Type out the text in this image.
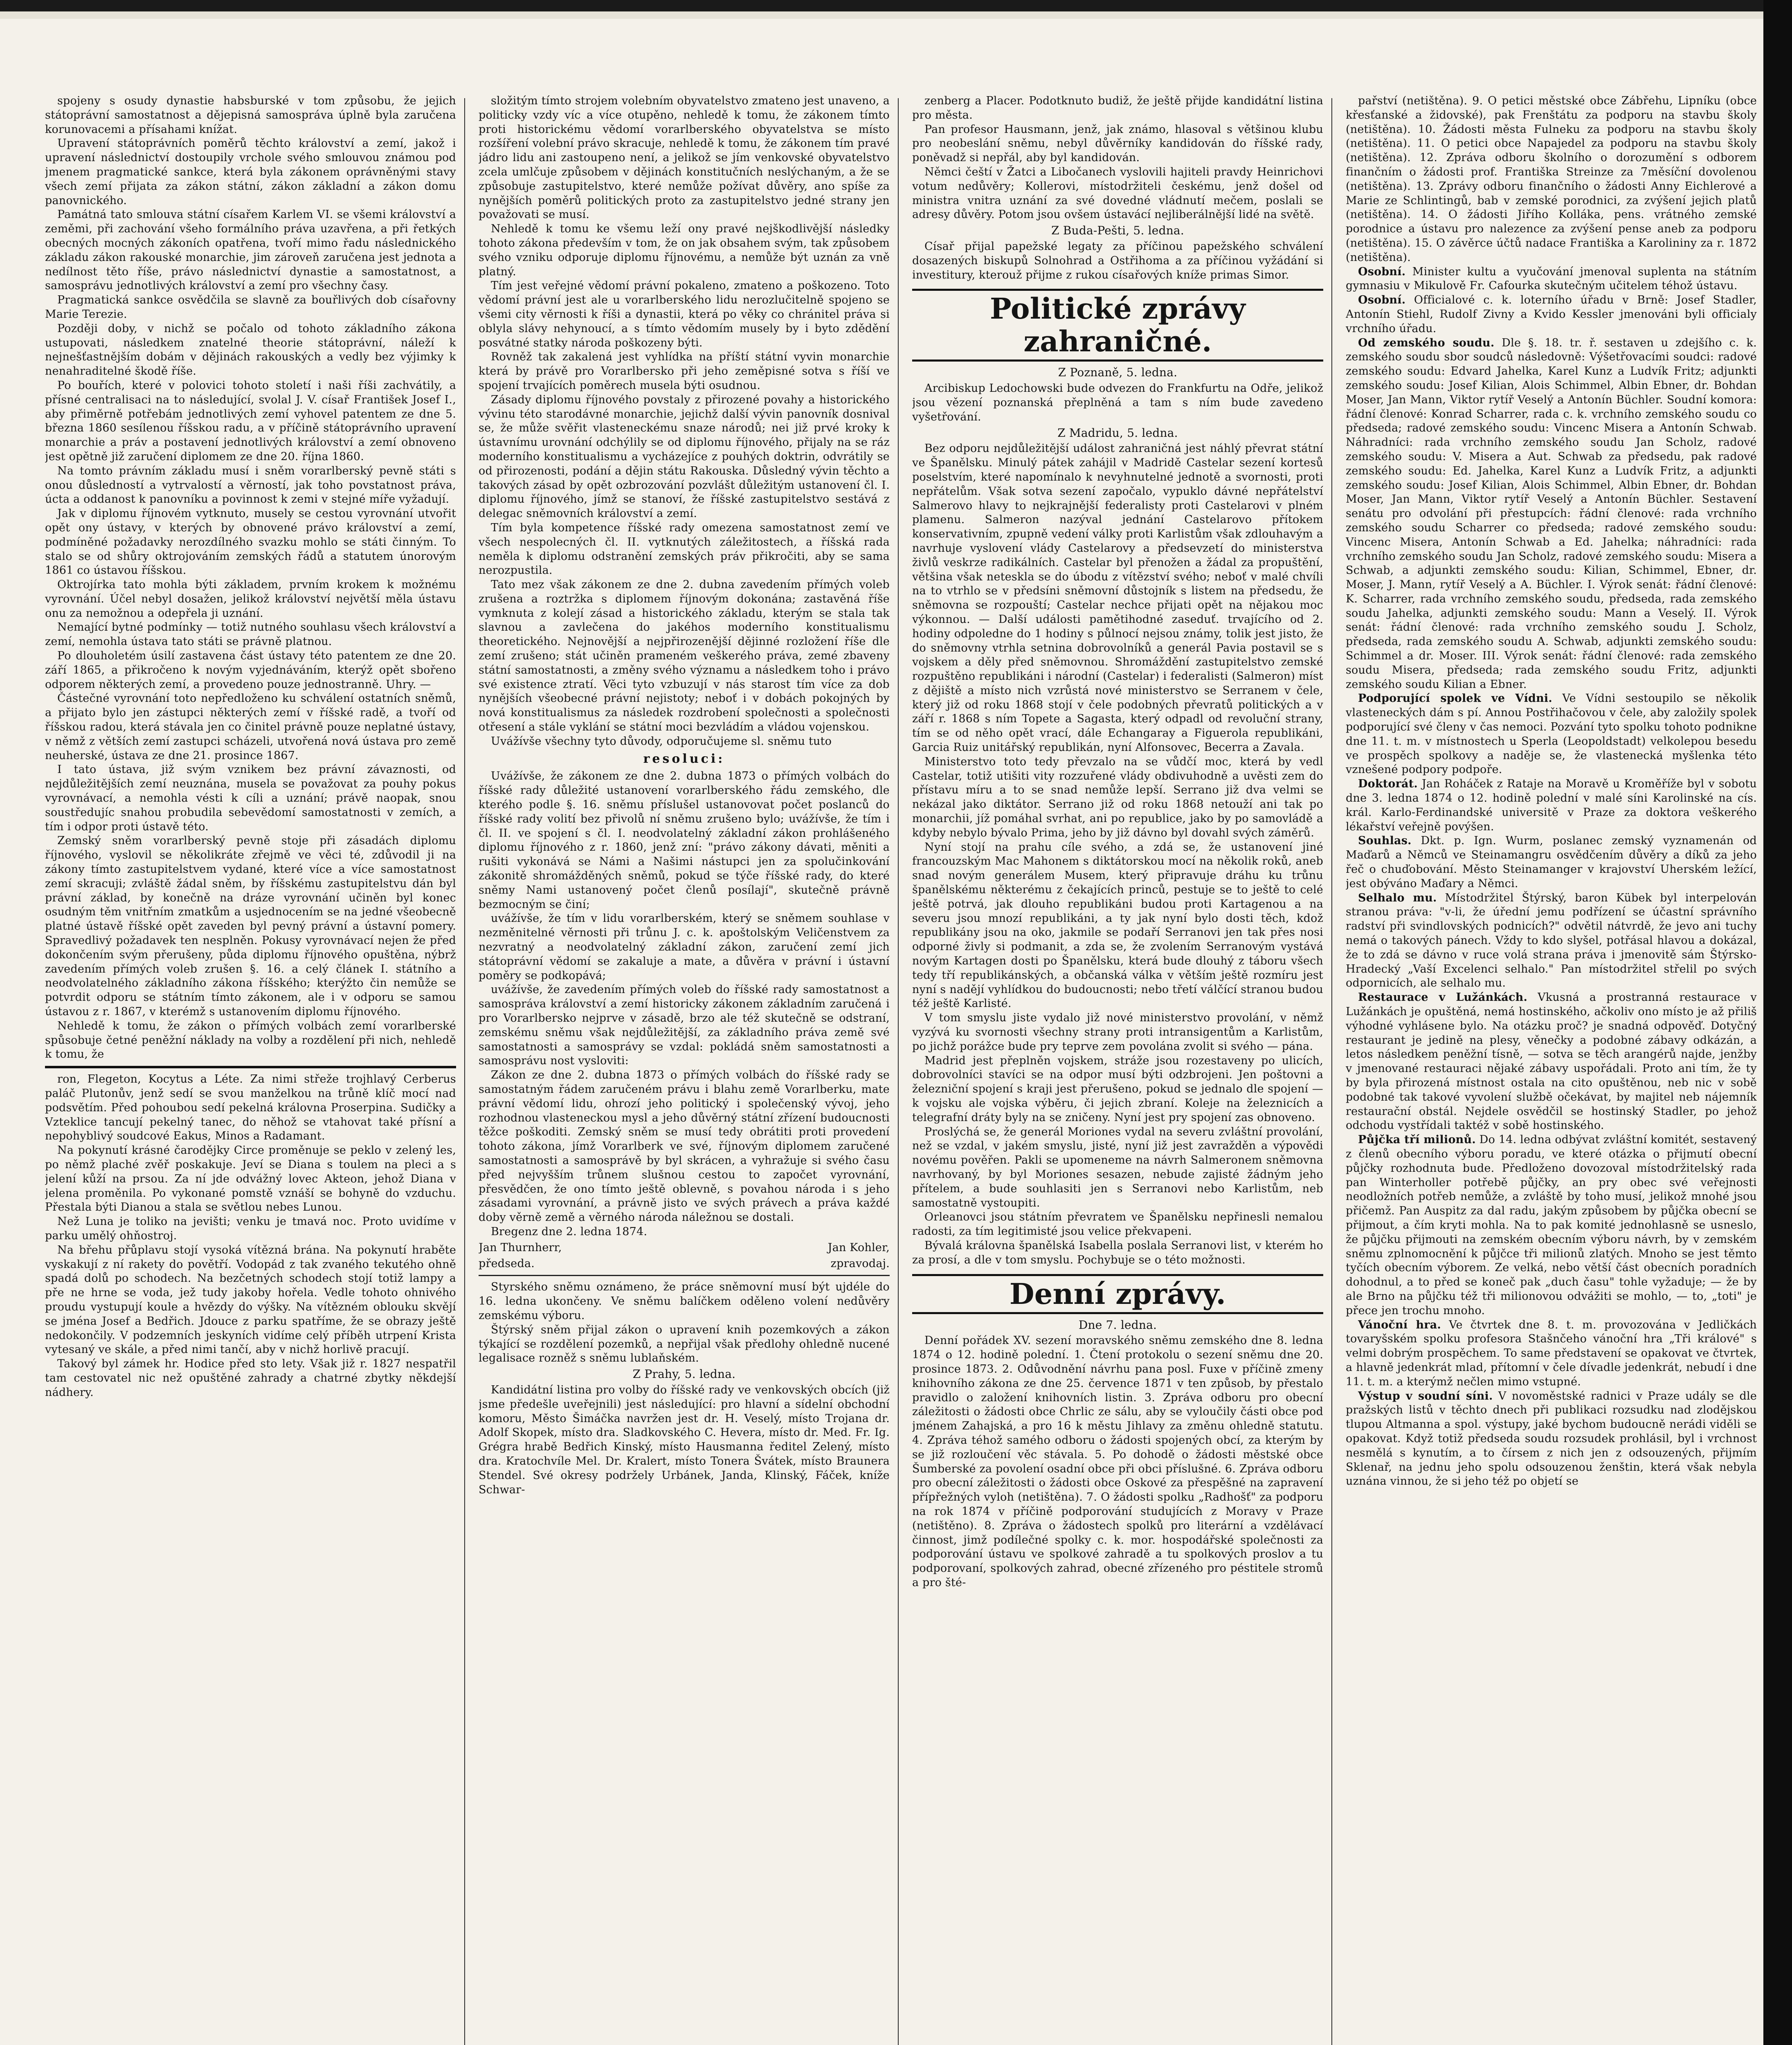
spojeny s osudy dynastie habsburské v tom způsobu, že jejich státoprávní samostatnost a dějepisná samospráva úplně byla zaručena korunovacemi a přísahami knížat.

Upravení státoprávních poměrů těchto království a zemí, jakož i upravení následnictví dostoupily vrchole svého smlouvou známou pod jmenem pragmatické sankce, která byla zákonem oprávněnými stavy všech zemí přijata za zákon státní, zákon základní a zákon domu panovnického.

Památná tato smlouva státní císařem Karlem VI. se všemi království a zeměmi, při zachování všeho formálního práva uzavřena, a při řetkých obecných mocných zákoních opatřena, tvoří mimo řadu následnického základu zákon rakouské monarchie, jim zároveň zaručena jest jednota a nedílnost těto říše, právo následnictví dynastie a samostatnost, a samosprávu jednotlivých království a zemí pro všechny časy.

Pragmatická sankce osvědčila se slavně za bouřlivých dob císařovny Marie Terezie.

Později doby, v nichž se počalo od tohoto základního zákona ustupovati, následkem znatelné theorie státoprávní, náleží k nejnešťastnějším dobám v dějinách rakouských a vedly bez výjimky k nenahraditelné škodě říše.

Po bouřích, které v polovici tohoto století i naši říši zachvátily, a přísné centralisaci na to následující, svolal J. V. císař František Josef I., aby přiměrně potřebám jednotlivých zemí vyhovel patentem ze dne 5. března 1860 sesílenou říšskou radu, a v příčině státoprávního upravení monarchie a práv a postavení jednotlivých království a zemí obnoveno jest opětně již zaručení diplomem ze dne 20. října 1860.

Na tomto právním základu musí i sněm vorarlberský pevně státi s onou důsledností a vytrvalostí a věrností, jak toho povstatnost práva, úcta a oddanost k panovníku a povinnost k zemi v stejné míře vyžadují.

Jak v diplomu říjnovém vytknuto, musely se cestou vyrovnání utvořit opět ony ústavy, v kterých by obnovené právo království a zemí, podmíněné požadavky nerozdílného svazku mohlo se státi činným. To stalo se od shůry oktrojováním zemských řádů a statutem únorovým 1861 co ústavou říšskou.

Oktrojírka tato mohla býti základem, prvním krokem k možnému vyrovnání. Účel nebyl dosažen, jelikož království největší měla ústavu onu za nemožnou a odepřela ji uznání.

Nemající bytné podmínky — totiž nutného souhlasu všech království a zemí, nemohla ústava tato státi se právně platnou.

Po dlouholetém úsilí zastavena část ústavy této patentem ze dne 20. září 1865, a přikročeno k novým vyjednáváním, kterýž opět sbořeno odporem některých zemí, a provedeno pouze jednostranně. Uhry. —

Částečné vyrovnání toto nepředloženo ku schválení ostatních sněmů, a přijato bylo jen zástupci některých zemí v říšské radě, a tvoří od říšskou radou, která stávala jen co činitel právně pouze neplatné ústavy, v němž z větších zemí zastupci scházeli, utvořená nová ústava pro země neuherské, ústava ze dne 21. prosince 1867.

I tato ústava, již svým vznikem bez právní závaznosti, od nejdůležitějších zemí neuznána, musela se považovat za pouhy pokus vyrovnávací, a nemohla vésti k cíli a uznání; právě naopak, snou soustředujíc snahou probudila sebevědomí samostatnosti v zemích, a tím i odpor proti ústavě této.

Zemský sněm vorarlberský pevně stoje při zásadách diplomu říjnového, vyslovil se několikráte zřejmě ve věci té, zdůvodil ji na zákony tímto zastupitelstvem vydané, které více a více samostatnost zemí skracuji; zvláště žádal sněm, by říšskému zastupitelstvu dán byl právní základ, by konečně na dráze vyrovnání učiněn byl konec osudným těm vnitřním zmatkům a usjednocením se na jedné všeobecně platné ústavě říšské opět zaveden byl pevný právní a ústavní pomery. Spravedlivý požadavek ten nesplněn. Pokusy vyrovnávací nejen že před dokončením svým přerušeny, půda diplomu říjnového opuštěna, nýbrž zavedením přímých voleb zrušen §. 16. a celý článek I. státního a neodvolatelného základního zákona říšského; kterýžto čin nemůže se potvrdit odporu se státním tímto zákonem, ale i v odporu se samou ústavou z r. 1867, v kterémž s ustanovením diplomu říjnového.

Nehledě k tomu, že zákon o přímých volbách zemí vorarlberské spůsobuje četné peněžní náklady na volby a rozdělení při nich, nehledě k tomu, že

ron, Flegeton, Kocytus a Léte. Za nimi střeže trojhlavý Cerberus paláč Plutonův, jenž sedí se svou manželkou na trůně klíč mocí nad podsvětím. Před pohoubou sedí pekelná královna Proserpina. Sudičky a Vzteklice tancují pekelný tanec, do něhož se vtahovat také přísní a nepohyblivý soudcové Eakus, Minos a Radamant.

Na pokynutí krásné čarodějky Circe proměnuje se peklo v zelený les, po němž plaché zvěř poskakuje. Jeví se Diana s toulem na pleci a s jelení kůží na prsou. Za ní jde odvážný lovec Akteon, jehož Diana v jelena proměnila. Po vykonané pomstě vznáší se bohyně do vzduchu. Přestala býti Dianou a stala se světlou nebes Lunou.

Než Luna je toliko na jevišti; venku je tmavá noc. Proto uvidíme v parku umělý ohňostroj.

Na břehu přůplavu stojí vysoká vítězná brána. Na pokynutí hraběte vyskakují z ní rakety do povětří. Vodopád z tak zvaného tekutého ohně spadá dolů po schodech. Na bezčetných schodech stojí totiž lampy a pře ne hrne se voda, jež tudy jakoby hořela. Vedle tohoto ohnivého proudu vystupují koule a hvězdy do výšky. Na vítězném oblouku skvějí se jména Josef a Bedřich. Jdouce z parku spatříme, že se obrazy ještě nedokončily. V podzemních jeskyních vidíme celý příběh utrpení Krista vytesaný ve skále, a před nimi tančí, aby v nichž horlivě pracují.

Takový byl zámek hr. Hodice před sto lety. Však již r. 1827 nespatřil tam cestovatel nic než opuštěné zahrady a chatrné zbytky někdejší nádhery.

složitým tímto strojem volebním obyvatelstvo zmateno jest unaveno, a politicky vzdy víc a více otupěno, nehledě k tomu, že zákonem tímto proti historickému vědomí vorarlberského obyvatelstva se místo rozšíření volební právo skracuje, nehledě k tomu, že zákonem tím pravé jádro lidu ani zastoupeno není, a jelikož se jím venkovské obyvatelstvo zcela umlčuje způsobem v dějinách konstitučních neslýchaným, a že se způsobuje zastupitelstvo, které nemůže požívat důvěry, ano spíše za nynějších poměrů politických proto za zastupitelstvo jedné strany jen považovati se musí.

Nehledě k tomu ke všemu leží ony pravé nejškodlivější následky tohoto zákona především v tom, že on jak obsahem svým, tak způsobem svého vzniku odporuje diplomu říjnovému, a nemůže být uznán za vně platný.

Tím jest veřejné vědomí právní pokaleno, zmateno a poškozeno. Toto vědomí právní jest ale u vorarlberského lidu nerozlučitelně spojeno se všemi city věrnosti k říši a dynastii, která po věky co chránitel práva si oblyla slávy nehynoucí, a s tímto vědomím musely by i byto zdědění posvátné statky národa poškozeny býti.

Rovněž tak zakalená jest vyhlídka na příští státní vyvin monarchie která by právě pro Vorarlbersko při jeho zeměpisné sotva s říší ve spojení trvajících poměrech musela býti osudnou.

Zásady diplomu říjnového povstaly z přirozené povahy a historického vývinu této starodávné monarchie, jejichž další vývin panovník dosnival se, že může svěřit vlasteneckému snaze národů; nei již prvé kroky k ústavnímu urovnání odchýlily se od diplomu říjnového, přijaly na se ráz moderního konstitualismu a vycházejíce z pouhých doktrin, odvrátily se od přirozenosti, podání a dějin státu Rakouska. Důsledný vývin těchto a takových zásad by opět ozbrozování pozvlášt důležitým ustanovení čl. I. diplomu říjnového, jímž se stanoví, že říšské zastupitelstvo sestává z delegac sněmovních království a zemí.

Tím byla kompetence říšské rady omezena samostatnost zemí ve všech nespolecných čl. II. vytknutých záležitostech, a říšská rada neměla k diplomu odstranění zemských práv přikročiti, aby se sama nerozpustila.

Tato mez však zákonem ze dne 2. dubna zavedením přímých voleb zrušena a roztržka s diplomem říjnovým dokonána; zastavěná říše vymknuta z kolejí zásad a historického základu, kterým se stala tak slavnou a zavlečena do jakéhos moderního konstitualismu theoretického. Nejnovější a nejpřirozenější dějinné rozložení říše dle zemí zrušeno; stát učiněn prameném veškerého práva, zemé zbaveny státní samostatnosti, a změny svého významu a následkem toho i právo své existence ztratí. Věci tyto vzbuzují v nás starost tím více za dob nynějších všeobecné právní nejistoty; neboť i v dobách pokojných by nová konstitualismus za následek rozdrobení společnosti a společnosti otřesení a stále vyklání se státní moci bezvládím a vládou vojenskou.

Uvážívše všechny tyto důvody, odporučujeme sl. sněmu tuto

resoluci:

Uvážívše, že zákonem ze dne 2. dubna 1873 o přímých volbách do říšské rady důležité ustanovení vorarlberského řádu zemského, dle kterého podle §. 16. sněmu příslušel ustanovovat počet poslanců do říšské rady volití bez přivolů ní sněmu zrušeno bylo; uvážívše, že tím i čl. II. ve spojení s čl. I. neodvolatelný základní zákon prohlášeného diplomu říjnového z r. 1860, jenž zní: "právo zákony dávati, měniti a rušiti vykonává se Námi a Našimi nástupci jen za spolučinkování zákonitě shromážděných sněmů, pokud se týče říšské rady, do které sněmy Nami ustanovený počet členů posílají", skutečně právně bezmocným se činí;

uvážívše, že tím v lidu vorarlberském, který se sněmem souhlase v nezměnitelné věrnosti při trůnu J. c. k. apoštolským Veličenstvem za nezvratný a neodvolatelný základní zákon, zaručení zemí jich státoprávní vědomí se zakaluje a mate, a důvěra v právní i ústavní poměry se podkopává;

uvážívše, že zavedením přímých voleb do říšské rady samostatnost a samospráva království a zemí historicky zákonem základním zaručená i pro Vorarlbersko nejprve v zásadě, brzo ale též skutečně se odstraní, zemskému sněmu však nejdůležitější, za základního práva země své samostatnosti a samosprávy se vzdal: pokládá sněm samostatnosti a samosprávu nost vysloviti:

Zákon ze dne 2. dubna 1873 o přímých volbách do říšské rady se samostatným řádem zaručeném právu i blahu země Vorarlberku, mate právní vědomí lidu, ohrozí jeho politický i společenský vývoj, jeho rozhodnou vlasteneckou mysl a jeho důvěrný státní zřízení budoucnosti těžce poškoditi. Zemský sněm se musí tedy obrátiti proti provedení tohoto zákona, jímž Vorarlberk ve své, říjnovým diplomem zaručené samostatnosti a samosprávě by byl skrácen, a vyhražuje si svého času před nejvyšším trůnem slušnou cestou to započet vyrovnání, přesvědčen, že ono tímto ještě oblevně, s povahou národa i s jeho zásadami vyrovnání, a právně jisto ve svých právech a práva každé doby věrně země a věrného národa náležnou se dostali.

Bregenz dne 2. ledna 1874.

Jan Thurnherr,	Jan Kohler,
předseda.	zpravodaj.

Styrského sněmu oznámeno, že práce sněmovní musí být ujdéle do 16. ledna ukončeny. Ve sněmu balíčkem oděleno volení nedůvěry zemskému výboru.

Štýrský sněm přijal zákon o upravení knih pozemkových a zákon týkající se rozdělení pozemků, a nepřijal však předlohy ohledně nucené legalisace rozněž s sněmu lublaňském.

Z Prahy, 5. ledna.

Kandidátní listina pro volby do říšské rady ve venkovských obcích (již jsme předešle uveřejnili) jest následující: pro hlavní a sídelní obchodní komoru, Město Šimáčka navržen jest dr. H. Veselý, místo Trojana dr. Adolf Skopek, místo dra. Sladkovského C. Hevera, místo dr. Med. Fr. Ig. Grégra hrabě Bedřich Kinský, místo Hausmanna ředitel Zelený, místo dra. Kratochvíle Mel. Dr. Kralert, místo Tonera Švátek, místo Braunera Stendel. Své okresy podržely Urbánek, Janda, Klinský, Fáček, kníže Schwar-

zenberg a Placer. Podotknuto budiž, že ještě přijde kandidátní listina pro města.

Pan profesor Hausmann, jenž, jak známo, hlasoval s většinou klubu pro neobeslání sněmu, nebyl důvěrníky kandidován do říšské rady, poněvadž si nepřál, aby byl kandidován.

Němci čeští v Žatci a Libočanech vyslovili hajiteli pravdy Heinrichovi votum nedůvěry; Kollerovi, místodržiteli českému, jenž došel od ministra vnitra uznání za své dovedné vládnutí mečem, poslali se adresy důvěry. Potom jsou ovšem ústavácí nejliberálnější lidé na světě.

Z Buda-Pešti, 5. ledna.

Císař přijal papežské legaty za příčinou papežského schválení dosazených biskupů Solnohrad a Ostřihoma a za příčinou vyžádání si investitury, kterouž přijme z rukou císařových kníže primas Simor.

Politické zprávy zahraničné.
Z Poznaně, 5. ledna.

Arcibiskup Ledochowski bude odvezen do Frankfurtu na Odře, jelikož jsou vězení poznanská přeplněná a tam s ním bude zavedeno vyšetřování.

Z Madridu, 5. ledna.

Bez odporu nejdůležitější událost zahraničná jest náhlý převrat státní ve Španělsku. Minulý pátek zahájil v Madridě Castelar sezení kortesů poselstvím, které napomínalo k nevyhnutelné jednotě a svornosti, proti nepřátelům. Však sotva sezení započalo, vypuklo dávné nepřátelství Salmerovo hlavy to nejkrajnější federalisty proti Castelarovi v plném plamenu. Salmeron nazýval jednání Castelarovo přítokem konservativním, zpupně vedení války proti Karlistům však zdlouhavým a navrhuje vyslovení vlády Castelarovy a předsevzetí do ministerstva živlů veskrze radikálních. Castelar byl přenožen a žádal za propuštění, většina však neteskla se do úbodu z vítězství svého; neboť v malé chvíli na to vtrhlo se v předsíni sněmovní důstojník s listem na předsedu, že sněmovna se rozpouští; Castelar nechce přijati opět na nějakou moc výkonnou. — Další události pamětihodné zaseduť. trvajícího od 2. hodiny odpoledne do 1 hodiny s půlnocí nejsou známy, tolik jest jisto, že do sněmovny vtrhla setnina dobrovolníků a generál Pavia postavil se s vojskem a děly před sněmovnou. Shromáždění zastupitelstvo zemské rozpuštěno republikáni i národní (Castelar) i federalisti (Salmeron) míst z dějiště a místo nich vzrůstá nové ministerstvo se Serranem v čele, který již od roku 1868 stojí v čele podobných převratů politických a v září r. 1868 s ním Topete a Sagasta, který odpadl od revoluční strany, tím se od něho opět vrací, dále Echangaray a Figuerola republikáni, Garcia Ruiz unitářský republikán, nyní Alfonsovec, Becerra a Zavala.

Ministerstvo toto tedy převzalo na se vůdčí moc, která by vedl Castelar, totiž utišiti vity rozzuřené vlády obdivuhodně a uvěsti zem do přístavu míru a to se snad nemůže lepší. Serrano již dva velmi se nekázal jako diktátor. Serrano již od roku 1868 netouží ani tak po monarchii, jíž pomáhal svrhat, ani po republice, jako by po samovládě a kdyby nebylo bývalo Prima, jeho by již dávno byl dovahl svých záměrů.

Nyní stojí na prahu cíle svého, a zdá se, že ustanovení jiné francouzským Mac Mahonem s diktátorskou mocí na několik roků, aneb snad novým generálem Musem, který připravuje dráhu ku trůnu španělskému některému z čekajících princů, pestuje se to ještě to celé ještě potrvá, jak dlouho republikáni budou proti Kartagenou a na severu jsou mnozí republikáni, a ty jak nyní bylo dosti těch, kdož republikány jsou na oko, jakmile se podaří Serranovi jen tak přes nosi odporné živly si podmanit, a zda se, že zvolením Serranovým vystává novým Kartagen dosti po Španělsku, která bude dlouhý z táboru všech tedy tří republikánských, a občanská válka v větším ještě rozmíru jest nyní s nadějí vyhlídkou do budoucnosti; nebo třetí válčící stranou budou též ještě Karlisté.

V tom smyslu jiste vydalo již nové ministerstvo provolání, v němž vyzývá ku svornosti všechny strany proti intransigentům a Karlistům, po jichž porážce bude pry teprve zem povolána zvolit si svého — pána.

Madrid jest přeplněn vojskem, stráže jsou rozestaveny po ulicích, dobrovolníci stavíci se na odpor musí býti odzbrojeni. Jen poštovni a železniční spojení s kraji jest přerušeno, pokud se jednalo dle spojení — k vojsku ale vojska výběru, či jejich zbraní. Koleje na železnicích a telegrafní dráty byly na se zničeny. Nyní jest pry spojení zas obnoveno.

Proslýchá se, že generál Moriones vydal na severu zvláštní provolání, než se vzdal, v jakém smyslu, jisté, nyní již jest zavražděn a výpovědi novému pověřen. Pakli se upomeneme na návrh Salmeronem sněmovna navrhovaný, by byl Moriones sesazen, nebude zajisté žádným jeho přítelem, a bude souhlasiti jen s Serranovi nebo Karlistům, neb samostatně vystoupiti.

Orleanovci jsou státním převratem ve Španělsku nepřinesli nemalou radosti, za tím legitimisté jsou velice překvapeni.

Bývalá královna španělská Isabella poslala Serranovi list, v kterém ho za prosí, a dle v tom smyslu. Pochybuje se o této možnosti.

Denní zprávy.
Dne 7. ledna.

Denní pořádek XV. sezení moravského sněmu zemského dne 8. ledna 1874 o 12. hodině polední. 1. Čtení protokolu o sezení sněmu dne 20. prosince 1873. 2. Odůvodnění návrhu pana posl. Fuxe v příčině zmeny knihovního zákona ze dne 25. července 1871 v ten způsob, by přestalo pravidlo o založení knihovních listin. 3. Zpráva odboru pro obecní záležitosti o žádosti obce Chrlic ze sálu, aby se vyloučily části obce pod jménem Zahajská, a pro 16 k městu Jihlavy za změnu ohledně statutu. 4. Zpráva téhož samého odboru o žádosti spojených obcí, za kterým by se již rozloučení věc stávala. 5. Po dohodě o žádosti městské obce Šumberské za povolení osadní obce při obci příslušné. 6. Zpráva odboru pro obecní záležitosti o žádosti obce Oskové za přespěšné na zapravení přípřežných vyloh (netištěna). 7. O žádosti spolku „Radhošť" za podporu na rok 1874 v příčině podporování studujících z Moravy v Praze (netištěno). 8. Zpráva o žádostech spolků pro literární a vzdělávací činnost, jimž podílečné spolky c. k. mor. hospodářské společnosti za podporování ústavu ve spolkové zahradě a tu spolkových proslov a tu podporovaní, spolkových zahrad, obecné zřízeného pro péstitele stromů a pro šté-

pařství (netištěna). 9. O petici městské obce Zábřehu, Lipníku (obce křesťanské a židovské), pak Frenštátu za podporu na stavbu školy (netištěna). 10. Žádosti města Fulneku za podporu na stavbu školy (netištěna). 11. O petici obce Napajedel za podporu na stavbu školy (netištěna). 12. Zpráva odboru školního o dorozumění s odborem finančním o žádosti prof. Františka Streinze za 7měsíční dovolenou (netištěna). 13. Zprávy odboru finančního o žádosti Anny Eichlerové a Marie ze Schlintingů, bab v zemské porodnici, za zvýšení jejich platů (netištěna). 14. O žádosti Jiřího Kolláka, pens. vrátného zemské porodnice a ústavu pro nalezence za zvýšení pense aneb za podporu (netištěna). 15. O závěrce účtů nadace Františka a Karolininy za r. 1872 (netištěna).

Osobní. Minister kultu a vyučování jmenoval suplenta na státním gymnasiu v Mikulově Fr. Cafourka skutečným učitelem téhož ústavu.

Osobní. Officialové c. k. loterního úřadu v Brně: Josef Stadler, Antonín Stiehl, Rudolf Zivny a Kvido Kessler jmenováni byli officialy vrchního úřadu.

Od zemského soudu. Dle §. 18. tr. ř. sestaven u zdejšího c. k. zemského soudu sbor soudců následovně: Výšetřovacími soudci: radové zemského soudu: Edvard Jahelka, Karel Kunz a Ludvík Fritz; adjunkti zemského soudu: Josef Kilian, Alois Schimmel, Albin Ebner, dr. Bohdan Moser, Jan Mann, Viktor rytíř Veselý a Antonín Büchler. Soudní komora: řádní členové: Konrad Scharrer, rada c. k. vrchního zemského soudu co předseda; radové zemského soudu: Vincenc Misera a Antonín Schwab. Náhradníci: rada vrchního zemského soudu Jan Scholz, radové zemského soudu: V. Misera a Aut. Schwab za předsedu, pak radové zemského soudu: Ed. Jahelka, Karel Kunz a Ludvík Fritz, a adjunkti zemského soudu: Josef Kilian, Alois Schimmel, Albin Ebner, dr. Bohdan Moser, Jan Mann, Viktor rytíř Veselý a Antonín Büchler. Sestavení senátu pro odvolání při přestupcích: řádní členové: rada vrchního zemského soudu Scharrer co předseda; radové zemského soudu: Vincenc Misera, Antonín Schwab a Ed. Jahelka; náhradníci: rada vrchního zemského soudu Jan Scholz, radové zemského soudu: Misera a Schwab, a adjunkti zemského soudu: Kilian, Schimmel, Ebner, dr. Moser, J. Mann, rytíř Veselý a A. Büchler. I. Výrok senát: řádní členové: K. Scharrer, rada vrchního zemského soudu, předseda, rada zemského soudu Jahelka, adjunkti zemského soudu: Mann a Veselý. II. Výrok senát: řádní členové: rada vrchního zemského soudu J. Scholz, předseda, rada zemského soudu A. Schwab, adjunkti zemského soudu: Schimmel a dr. Moser. III. Výrok senát: řádní členové: rada zemského soudu Misera, předseda; rada zemského soudu Fritz, adjunkti zemského soudu Kilian a Ebner.

Podporující spolek ve Vídni. Ve Vídni sestoupilo se několik vlasteneckých dám s pí. Annou Postřihačovou v čele, aby založily spolek podporující své členy v čas nemoci. Pozvání tyto spolku tohoto podnikne dne 11. t. m. v místnostech u Sperla (Leopoldstadt) velkolepou besedu ve prospěch spolkovy a naděje se, že vlastenecká myšlenka této vznešené podpory podpoře.

Doktorát. Jan Roháček z Rataje na Moravě u Kroměříže byl v sobotu dne 3. ledna 1874 o 12. hodině polední v malé síni Karolinské na cís. král. Karlo-Ferdinandské universitě v Praze za doktora veškerého lékařství veřejně povýšen.

Souhlas. Dkt. p. Ign. Wurm, poslanec zemský vyznamenán od Maďarů a Němců ve Steinamangru osvědčením důvěry a díků za jeho řeč o chuďobování. Město Steinamanger v krajovství Uherském ležící, jest obýváno Maďary a Němci.

Selhalo mu. Místodržitel Štýrský, baron Kübek byl interpelován stranou práva: "v-li, že úřední jemu podřízení se účastní správního radství při svindlovských podnicích?" odvětil nátvrdě, že jevo ani tuchy nemá o takových pánech. Vždy to kdo slyšel, potřásal hlavou a dokázal, že to zdá se dávno v ruce volá strana práva i jmenovitě sám Štýrsko-Hradecký „Vaší Excelenci selhalo." Pan místodržitel střelil po svých odpornicích, ale selhalo mu.

Restaurace v Lužánkách. Vkusná a prostranná restaurace v Lužánkách je opuštěná, nemá hostinského, ačkoliv ono místo je až přiliš výhodné vyhlásene bylo. Na otázku proč? je snadná odpověď. Dotyčný restaurant je jedině na plesy, věnečky a podobné zábavy odkázán, a letos následkem peněžní tísně, — sotva se těch arangérů najde, jenžby v jmenované restauraci nějaké zábavy uspořádali. Proto ani tím, že ty by byla přirozená místnost ostala na cito opuštěnou, neb nic v sobě podobné tak takové vyvolení službě očekávat, by majitel neb nájemník restaurační obstál. Nejdele osvědčil se hostinský Stadler, po jehož odchodu vystřídali taktéž v sobě hostinského.

Půjčka tří milionů. Do 14. ledna odbývat zvláštní komitét, sestavený z členů obecního výboru poradu, ve které otázka o přijmutí obecní půjčky rozhodnuta bude. Předloženo dovozoval místodržitelský rada pan Winterholler potřebě půjčky, an pry obec své veřejnosti neodložních potřeb nemůže, a zvláště by toho musí, jelikož mnohé jsou přičemž. Pan Auspitz za dal radu, jakým způsobem by půjčka obecní se přijmout, a čím kryti mohla. Na to pak komité jednohlasně se usneslo, že půjčku přijmouti na zemském obecním výboru návrh, by v zemském sněmu zplnomocnění k půjčce tři milionů zlatých. Mnoho se jest těmto tyčích obecním výborem. Ze velká, nebo větší část obecních poradních dohodnul, a to před se koneč pak „duch času" tohle vyžaduje; — že by ale Brno na půjčku též tři milionovou odvážiti se mohlo, — to, „toti" je přece jen trochu mnoho.

Vánoční hra. Ve čtvrtek dne 8. t. m. provozována v Jedličkách tovaryšském spolku profesora Stašnčeho vánoční hra „Tři králové" s velmi dobrým prospěchem. To same představení se opakovat ve čtvrtek, a hlavně jedenkrát mlad, přítomní v čele dívadle jedenkrát, nebudí i dne 11. t. m. a kterýmž nečlen mimo vstupné.

Výstup v soudní síni. V novoměstské radnici v Praze udály se dle pražských listů v těchto dnech při publikaci rozsudku nad zlodějskou tlupou Altmanna a spol. výstupy, jaké bychom budoucně nerádi viděli se opakovat. Když totiž předseda soudu rozsudek prohlásil, byl i vrchnost nesmělá s kynutím, a to čírsem z nich jen z odsouzených, přijmím Sklenař, na jednu jeho spolu odsouzenou ženštin, která však nebyla uznána vinnou, že si jeho též po objetí se
